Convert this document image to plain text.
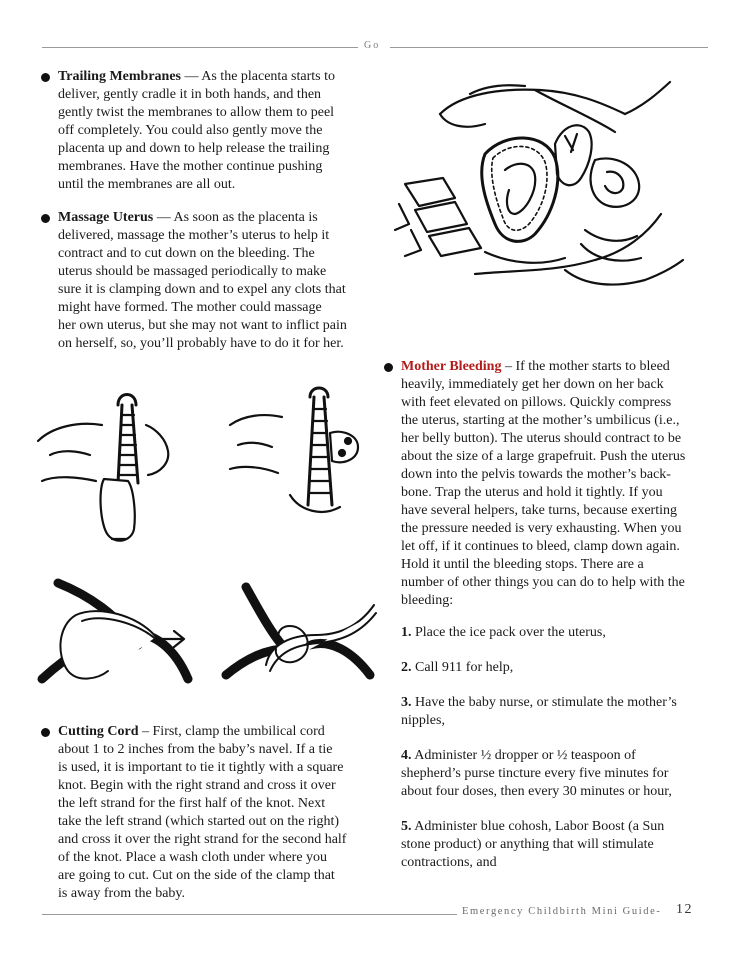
Go

Trailing Membranes — As the placenta starts to

deliver, gently cradle it in both hands, and then

gently twist the membranes to allow them to peel

off completely. You could also gently move the

placenta up and down to help release the trailing

membranes. Have the mother continue pushing

until the membranes are all out.

Massage Uterus — As soon as the placenta is

delivered, massage the mother’s uterus to help it

contract and to cut down on the bleeding. The

uterus should be massaged periodically to make

sure it is clamping down and to expel any clots that

might have formed. The mother could massage

her own uterus, but she may not want to inflict pain

on herself, so, you’ll probably have to do it for her.

Cutting Cord – First, clamp the umbilical cord

about 1 to 2 inches from the baby’s navel. If a tie

is used, it is important to tie it tightly with a square

knot. Begin with the right strand and cross it over

the left strand for the first half of the knot. Next

take the left strand (which started out on the right)

and cross it over the right strand for the second half

of the knot. Place a wash cloth under where you

are going to cut. Cut on the side of the clamp that

is away from the baby.

Mother Bleeding – If the mother starts to bleed

heavily, immediately get her down on her back

with feet elevated on pillows. Quickly compress

the uterus, starting at the mother’s umbilicus (i.e.,

her belly button). The uterus should contract to be

about the size of a large grapefruit. Push the uterus

down into the pelvis towards the mother’s back-

bone. Trap the uterus and hold it tightly. If you

have several helpers, take turns, because exerting

the pressure needed is very exhausting. When you

let off, if it continues to bleed, clamp down again.

Hold it until the bleeding stops. There are a

number of other things you can do to help with the

bleeding:

1. Place the ice pack over the uterus,
2. Call 911 for help,
3. Have the baby nurse, or stimulate the mother’s
nipples,
4. Administer ½ dropper or ½ teaspoon of
shepherd’s purse tincture every five minutes for
about four doses, then every 30 minutes or hour,
5. Administer blue cohosh, Labor Boost (a Sun
stone product) or anything that will stimulate
contractions, and
Emergency Childbirth Mini Guide- 12
